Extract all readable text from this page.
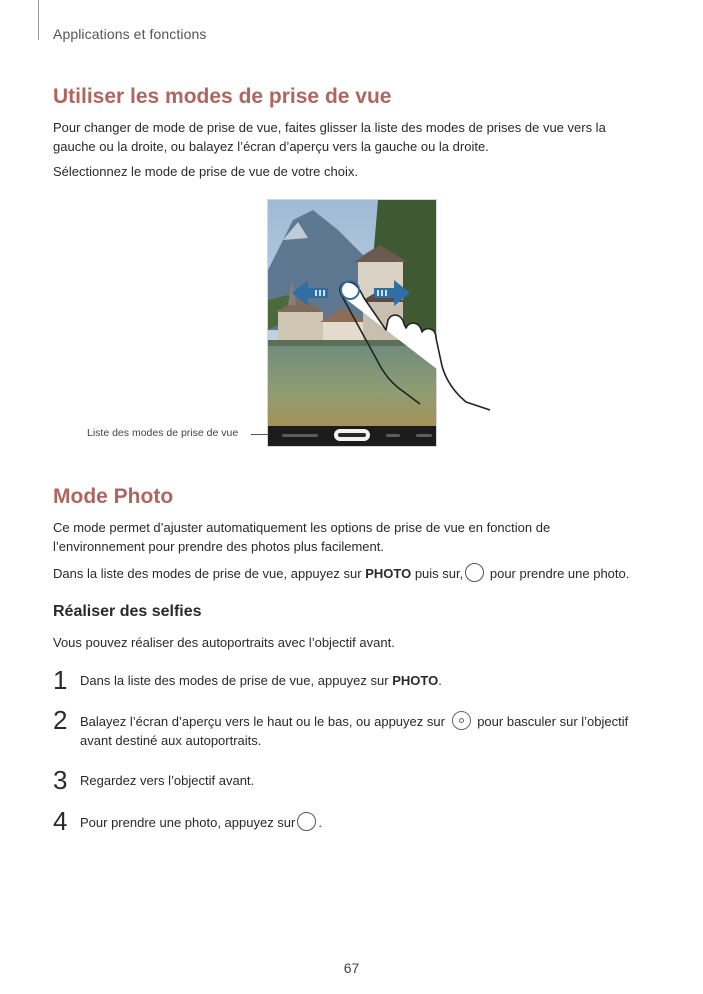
Applications et fonctions
Utiliser les modes de prise de vue

Pour changer de mode de prise de vue, faites glisser la liste des modes de prises de vue vers la gauche ou la droite, ou balayez l’écran d’aperçu vers la gauche ou la droite.

Sélectionnez le mode de prise de vue de votre choix.

Liste des modes de prise de vue
Mode Photo

Ce mode permet d’ajuster automatiquement les options de prise de vue en fonction de l’environnement pour prendre des photos plus facilement.

Dans la liste des modes de prise de vue, appuyez sur PHOTO puis sur, pour prendre une photo.

Réaliser des selfies

Vous pouvez réaliser des autoportraits avec l’objectif avant.

1 Dans la liste des modes de prise de vue, appuyez sur PHOTO.
2 Balayez l’écran d’aperçu vers le haut ou le bas, ou appuyez sur pour basculer sur l’objectif avant destiné aux autoportraits.
3 Regardez vers l’objectif avant.
4 Pour prendre une photo, appuyez sur .
67
